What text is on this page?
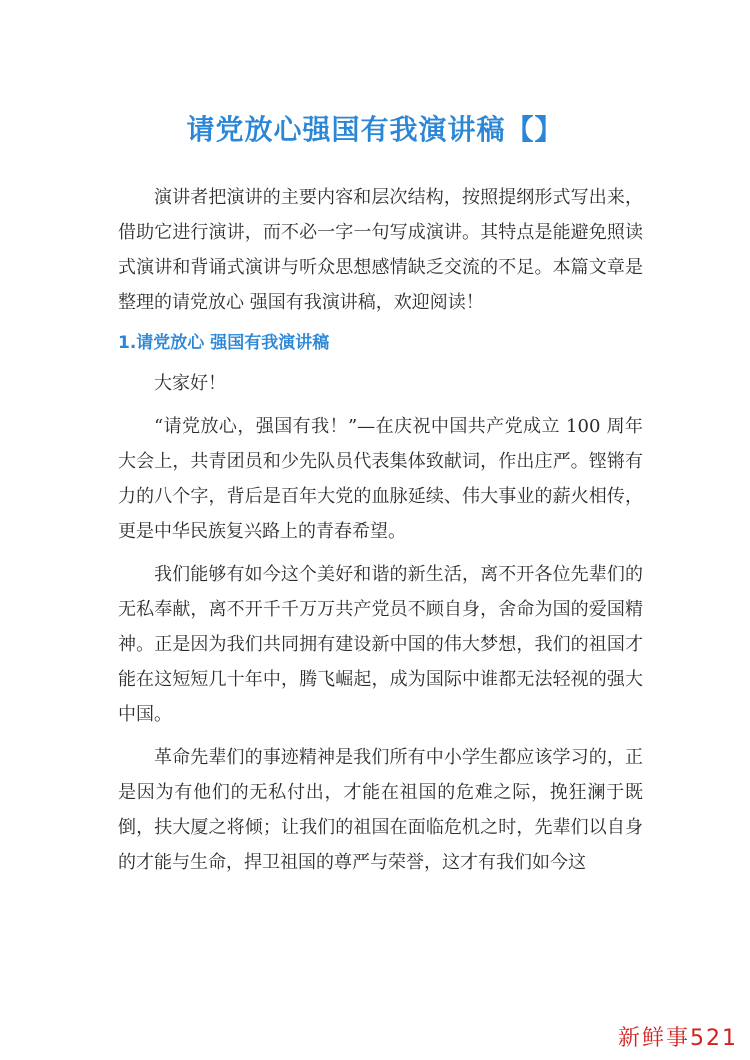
请党放心强国有我演讲稿【】

演讲者把演讲的主要内容和层次结构，按照提纲形式写出来，借助它进行演讲，而不必一字一句写成演讲。其特点是能避免照读式演讲和背诵式演讲与听众思想感情缺乏交流的不足。本篇文章是整理的请党放心 强国有我演讲稿，欢迎阅读！

1.请党放心 强国有我演讲稿

大家好！

“请党放心，强国有我！”—在庆祝中国共产党成立 100 周年大会上，共青团员和少先队员代表集体致献词，作出庄严。铿锵有力的八个字，背后是百年大党的血脉延续、伟大事业的薪火相传，更是中华民族复兴路上的青春希望。

我们能够有如今这个美好和谐的新生活，离不开各位先辈们的无私奉献，离不开千千万万共产党员不顾自身，舍命为国的爱国精神。正是因为我们共同拥有建设新中国的伟大梦想，我们的祖国才能在这短短几十年中，腾飞崛起，成为国际中谁都无法轻视的强大中国。

革命先辈们的事迹精神是我们所有中小学生都应该学习的，正是因为有他们的无私付出，才能在祖国的危难之际，挽狂澜于既倒，扶大厦之将倾；让我们的祖国在面临危机之时，先辈们以自身的才能与生命，捍卫祖国的尊严与荣誉，这才有我们如今这

新鲜事521
